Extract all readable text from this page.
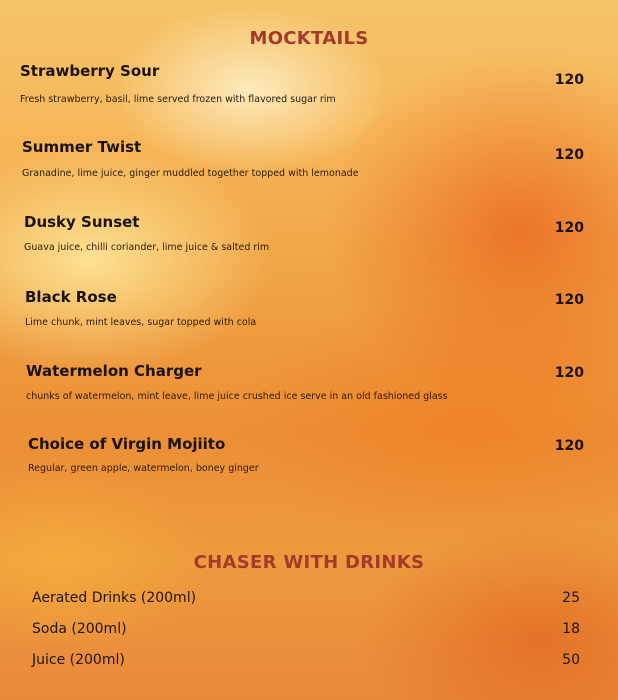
MOCKTAILS
Strawberry Sour
Fresh strawberry, basil, lime served frozen with flavored sugar rim
120
Summer Twist
Granadine, lime juice, ginger muddled together topped with lemonade
120
Dusky Sunset
Guava juice, chilli coriander, lime juice & salted rim
120
Black Rose
Lime chunk, mint leaves, sugar topped with cola
120
Watermelon Charger
chunks of watermelon, mint leave, lime juice crushed ice serve in an old fashioned glass
120
Choice of Virgin Mojiito
Regular, green apple, watermelon, boney ginger
120
CHASER WITH DRINKS
Aerated Drinks (200ml)	25
Soda (200ml)	18
Juice (200ml)	50
